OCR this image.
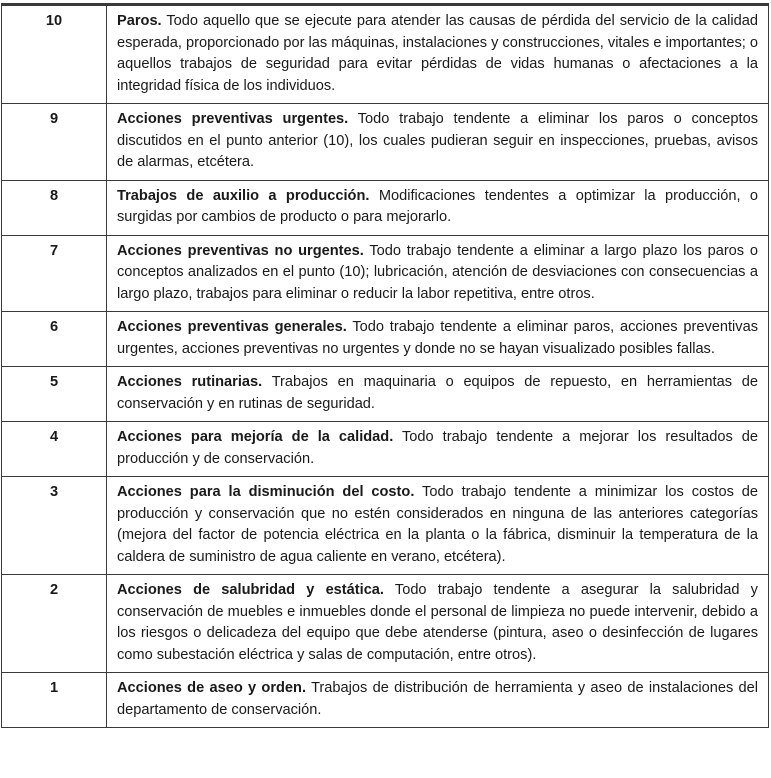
10	Paros. Todo aquello que se ejecute para atender las causas de pérdida del servicio de la calidad esperada, proporcionado por las máquinas, instalaciones y construcciones, vitales e importantes; o aquellos trabajos de seguridad para evitar pérdidas de vidas humanas o afectaciones a la integridad física de los individuos.
9	Acciones preventivas urgentes. Todo trabajo tendente a eliminar los paros o conceptos discutidos en el punto anterior (10), los cuales pudieran seguir en inspecciones, pruebas, avisos de alarmas, etcétera.
8	Trabajos de auxilio a producción. Modificaciones tendentes a optimizar la producción, o surgidas por cambios de producto o para mejorarlo.
7	Acciones preventivas no urgentes. Todo trabajo tendente a eliminar a largo plazo los paros o conceptos analizados en el punto (10); lubricación, atención de desviaciones con consecuencias a largo plazo, trabajos para eliminar o reducir la labor repetitiva, entre otros.
6	Acciones preventivas generales. Todo trabajo tendente a eliminar paros, acciones preventivas urgentes, acciones preventivas no urgentes y donde no se hayan visualizado posibles fallas.
5	Acciones rutinarias. Trabajos en maquinaria o equipos de repuesto, en herramientas de conservación y en rutinas de seguridad.
4	Acciones para mejoría de la calidad. Todo trabajo tendente a mejorar los resultados de producción y de conservación.
3	Acciones para la disminución del costo. Todo trabajo tendente a minimizar los costos de producción y conservación que no estén considerados en ninguna de las anteriores categorías (mejora del factor de potencia eléctrica en la planta o la fábrica, disminuir la temperatura de la caldera de suministro de agua caliente en verano, etcétera).
2	Acciones de salubridad y estática. Todo trabajo tendente a asegurar la salubridad y conservación de muebles e inmuebles donde el personal de limpieza no puede intervenir, debido a los riesgos o delicadeza del equipo que debe atenderse (pintura, aseo o desinfección de lugares como subestación eléctrica y salas de computación, entre otros).
1	Acciones de aseo y orden. Trabajos de distribución de herramienta y aseo de instalaciones del departamento de conservación.
